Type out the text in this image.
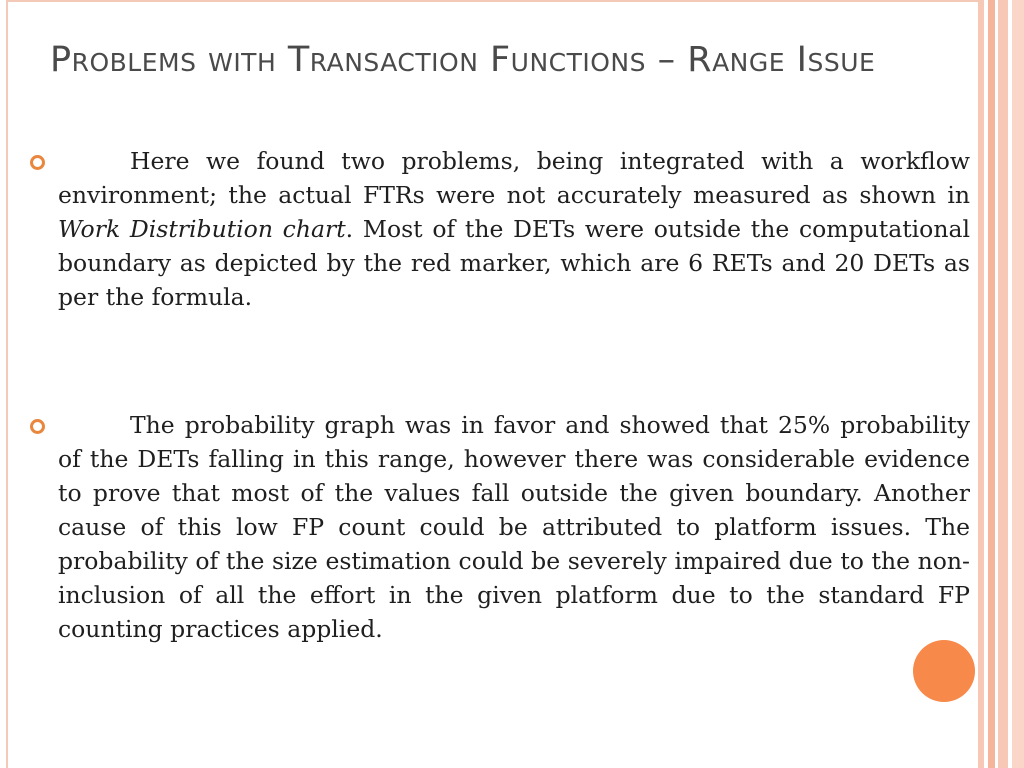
Problems with Transaction Functions – Range Issue

Here we found two problems, being integrated with a workflow environment; the actual FTRs were not accurately measured as shown in Work Distribution chart. Most of the DETs were outside the computational boundary as depicted by the red marker, which are 6 RETs and 20 DETs as per the formula.

The probability graph was in favor and showed that 25% probability of the DETs falling in this range, however there was considerable evidence to prove that most of the values fall outside the given boundary. Another cause of this low FP count could be attributed to platform issues. The probability of the size estimation could be severely impaired due to the non-inclusion of all the effort in the given platform due to the standard FP counting practices applied.
